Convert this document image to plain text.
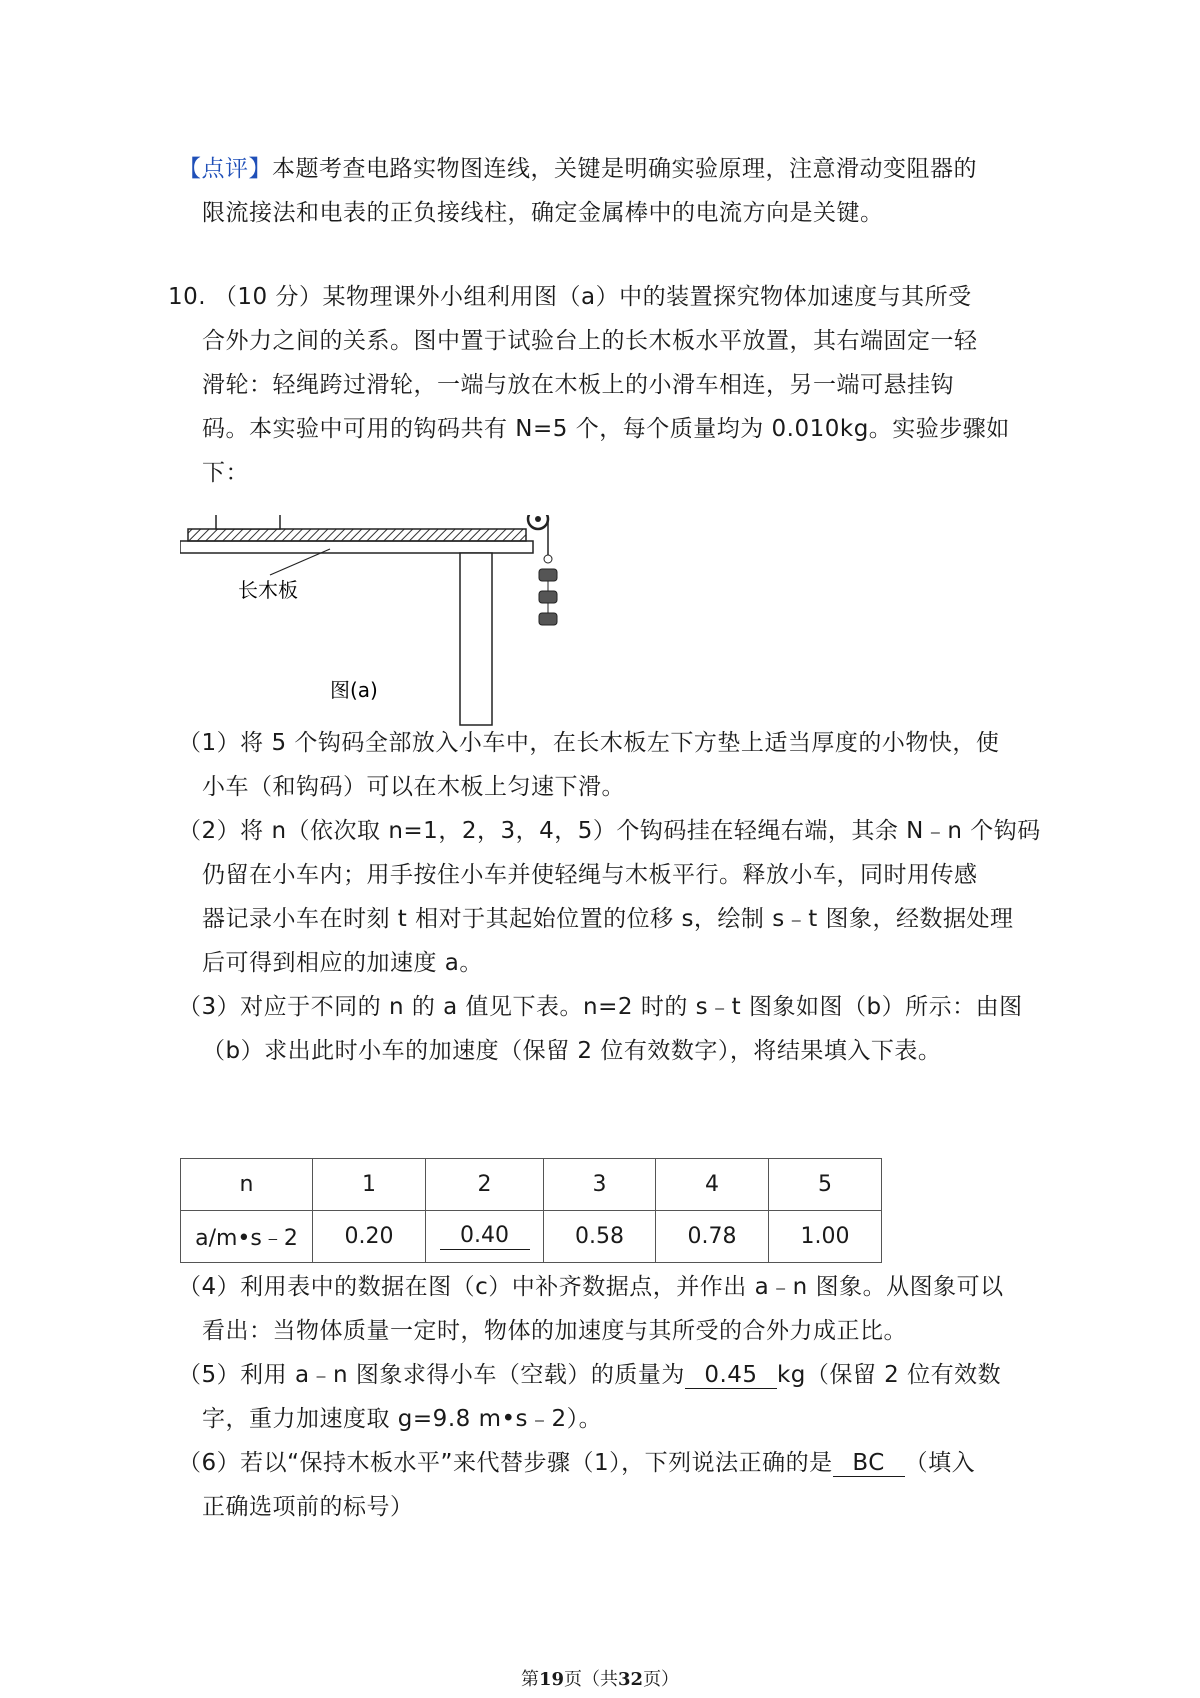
【点评】本题考查电路实物图连线，关键是明确实验原理，注意滑动变阻器的
限流接法和电表的正负接线柱，确定金属棒中的电流方向是关键。
10. （10 分）某物理课外小组利用图（a）中的装置探究物体加速度与其所受
合外力之间的关系。图中置于试验台上的长木板水平放置，其右端固定一轻
滑轮：轻绳跨过滑轮，一端与放在木板上的小滑车相连，另一端可悬挂钩
码。本实验中可用的钩码共有 N=5 个，每个质量均为 0.010kg。实验步骤如
下：
长木板
图(a)
（1）将 5 个钩码全部放入小车中，在长木板左下方垫上适当厚度的小物快，使
小车（和钩码）可以在木板上匀速下滑。
（2）将 n（依次取 n=1，2，3，4，5）个钩码挂在轻绳右端，其余 N﹣n 个钩码
仍留在小车内；用手按住小车并使轻绳与木板平行。释放小车，同时用传感
器记录小车在时刻 t 相对于其起始位置的位移 s，绘制 s﹣t 图象，经数据处理
后可得到相应的加速度 a。
（3）对应于不同的 n 的 a 值见下表。n=2 时的 s﹣t 图象如图（b）所示：由图
（b）求出此时小车的加速度（保留 2 位有效数字），将结果填入下表。
n	1	2	3	4	5
a/m•s﹣2	0.20	0.40	0.58	0.78	1.00
（4）利用表中的数据在图（c）中补齐数据点，并作出 a﹣n 图象。从图象可以
看出：当物体质量一定时，物体的加速度与其所受的合外力成正比。
（5）利用 a﹣n 图象求得小车（空载）的质量为 0.45 kg（保留 2 位有效数
字，重力加速度取 g=9.8 m•s﹣2）。
（6）若以“保持木板水平”来代替步骤（1），下列说法正确的是 BC （填入
正确选项前的标号）
第19页（共32页）
